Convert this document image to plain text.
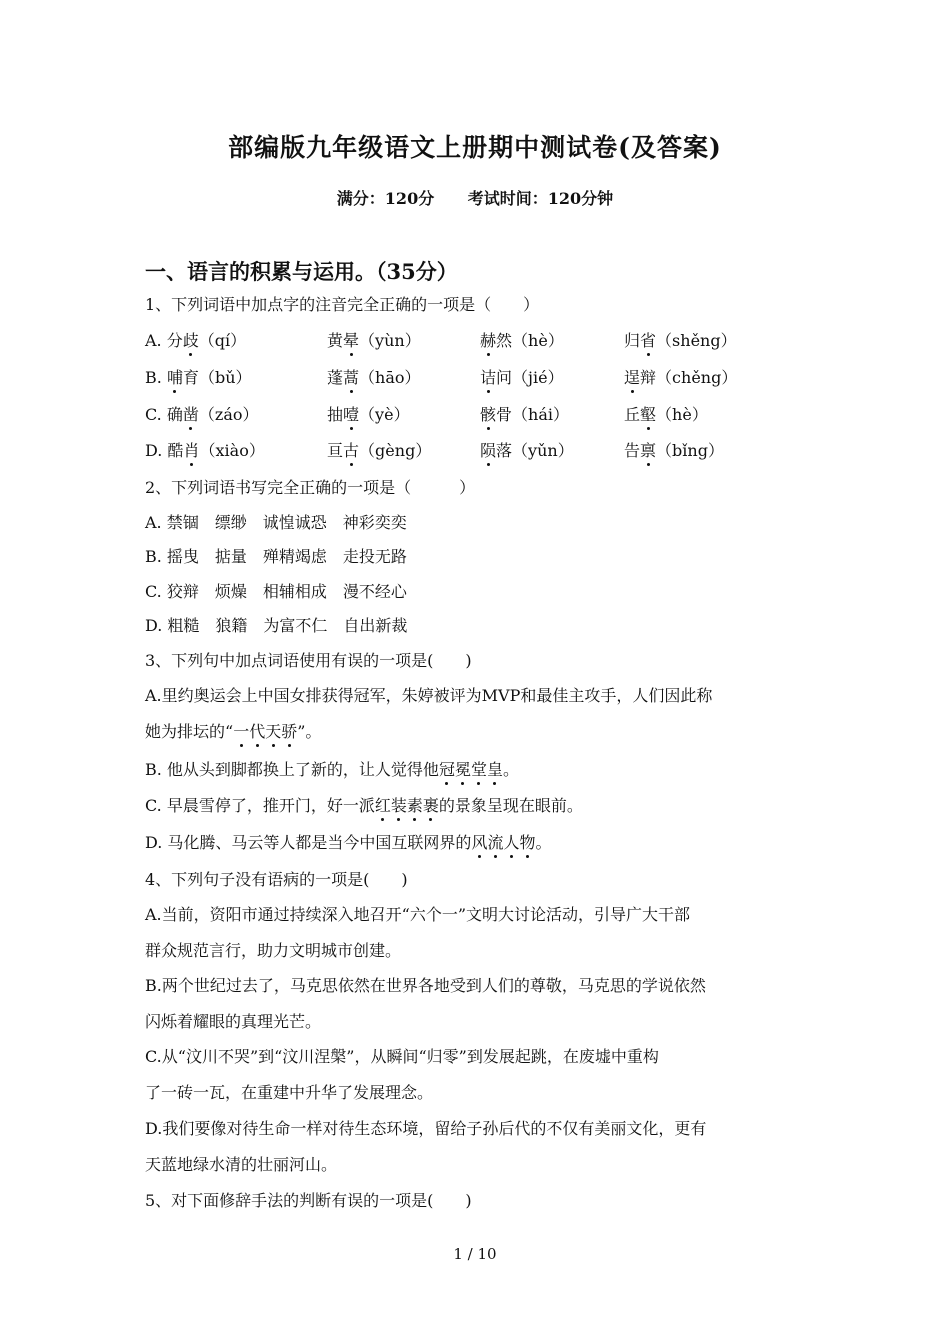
部编版九年级语文上册期中测试卷(及答案)
满分：120分 考试时间：120分钟
一、语言的积累与运用。（35分）
1、下列词语中加点字的注音完全正确的一项是（　　）
A. 分歧（qí）	黄晕（yùn）	赫然（hè）	归省（shěng）
B. 哺育（bǔ）	蓬蒿（hāo）	诘问（jié）	逞辩（chěng）
C. 确凿（záo）	抽噎（yè）	骸骨（hái）	丘壑（hè）
D. 酷肖（xiào）	亘古（gèng）	陨落（yǔn）	告禀（bǐng）
2、下列词语书写完全正确的一项是（　　　）
A. 禁锢　缥缈　诚惶诚恐　神彩奕奕
B. 摇曳　掂量　殚精竭虑　走投无路
C. 狡辩　烦燥　相辅相成　漫不经心
D. 粗糙　狼籍　为富不仁　自出新裁
3、下列句中加点词语使用有误的一项是(　　)
A.里约奥运会上中国女排获得冠军，朱婷被评为MVP和最佳主攻手，人们因此称
她为排坛的“一代天骄”。
B. 他从头到脚都换上了新的，让人觉得他冠冕堂皇。
C. 早晨雪停了，推开门，好一派红装素裹的景象呈现在眼前。
D. 马化腾、马云等人都是当今中国互联网界的风流人物。
4、下列句子没有语病的一项是(　　)
A.当前，资阳市通过持续深入地召开“六个一”文明大讨论活动，引导广大干部
群众规范言行，助力文明城市创建。
B.两个世纪过去了，马克思依然在世界各地受到人们的尊敬，马克思的学说依然
闪烁着耀眼的真理光芒。
C.从“汶川不哭”到“汶川涅槃”，从瞬间“归零”到发展起跳，在废墟中重构
了一砖一瓦，在重建中升华了发展理念。
D.我们要像对待生命一样对待生态环境，留给子孙后代的不仅有美丽文化，更有
天蓝地绿水清的壮丽河山。
5、对下面修辞手法的判断有误的一项是(　　)
1 / 10
